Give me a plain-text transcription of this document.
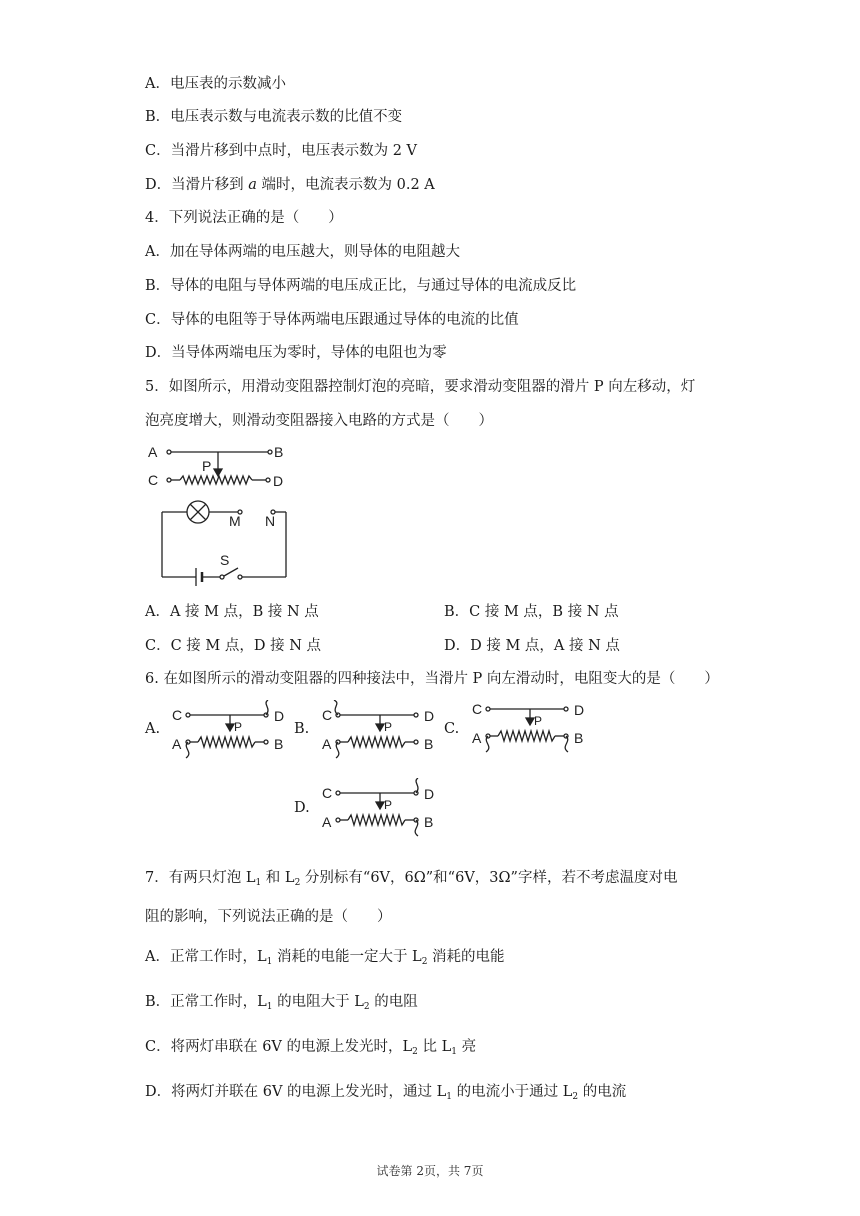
A．电压表的示数减小
B．电压表示数与电流表示数的比值不变
C．当滑片移到中点时，电压表示数为 2 V
D．当滑片移到 a 端时，电流表示数为 0.2 A
4．下列说法正确的是（　　）
A．加在导体两端的电压越大，则导体的电阻越大
B．导体的电阻与导体两端的电压成正比，与通过导体的电流成反比
C．导体的电阻等于导体两端电压跟通过导体的电流的比值
D．当导体两端电压为零时，导体的电阻也为零
5．如图所示，用滑动变阻器控制灯泡的亮暗，要求滑动变阻器的滑片 P 向左移动，灯
泡亮度增大，则滑动变阻器接入电路的方式是（　　）
A	B
P
C	D
M N
S
A．A 接 M 点，B 接 N 点	B．C 接 M 点，B 接 N 点
C．C 接 M 点，D 接 N 点	D．D 接 M 点，A 接 N 点
6. 在如图所示的滑动变阻器的四种接法中，当滑片 P 向左滑动时，电阻变大的是（　　）
A.	B.	C.
D.
C	D
A	B
P
C	D
A	B
P
C	D
A	B
P
C	D
A	B
P
7．有两只灯泡 $L_1$ 和 $L_2$ 分别标有“6V，6Ω”和“6V，3Ω”字样，若不考虑温度对电
阻的影响，下列说法正确的是（　　）
A．正常工作时，$L_1$ 消耗的电能一定大于 $L_2$ 消耗的电能
B．正常工作时，$L_1$ 的电阻大于 $L_2$ 的电阻
C．将两灯串联在 6V 的电源上发光时，$L_2$ 比 $L_1$ 亮
D．将两灯并联在 6V 的电源上发光时，通过 $L_1$ 的电流小于通过 $L_2$ 的电流
试卷第 2页，共 7页
